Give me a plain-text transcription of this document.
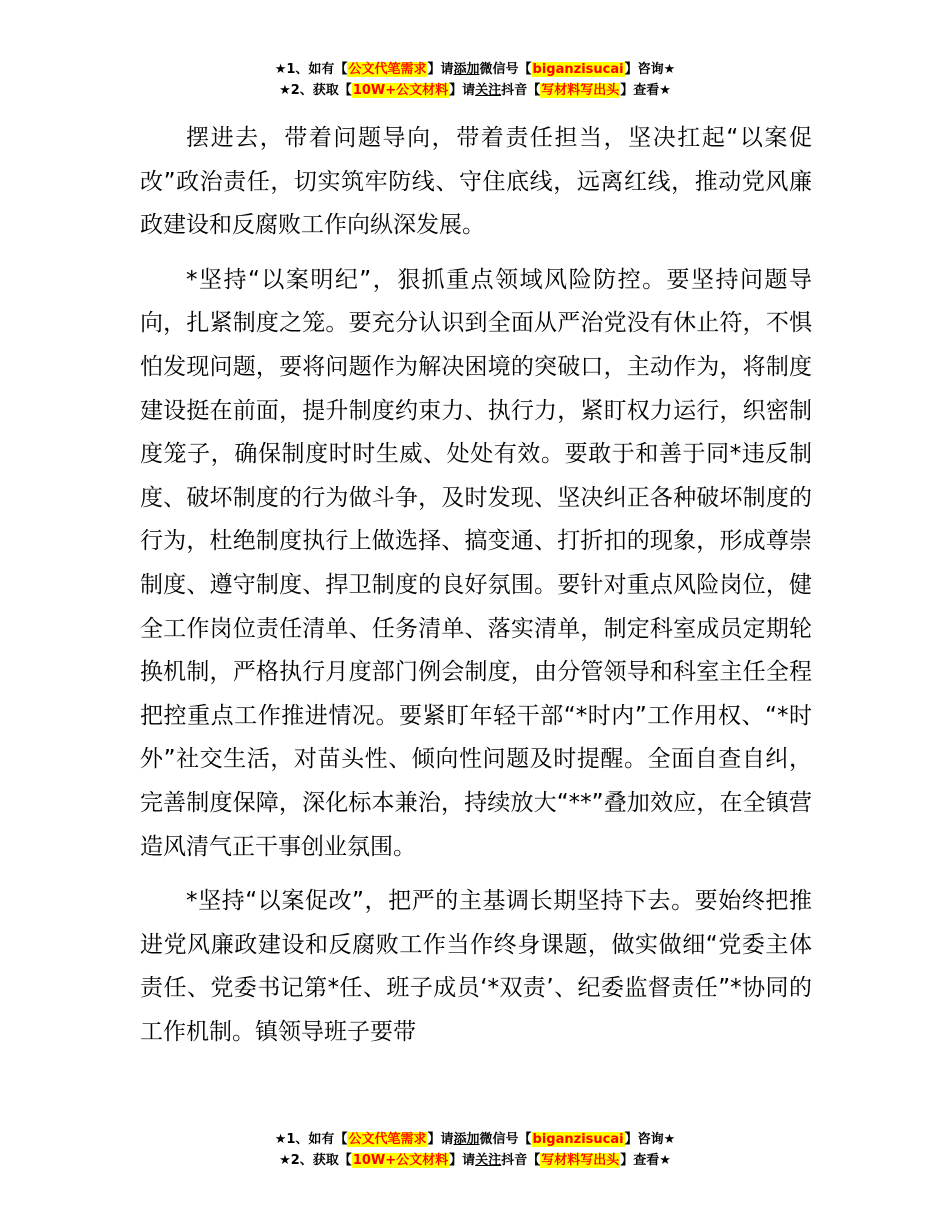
★1、如有【公文代笔需求】请添加微信号【biganzisucai】咨询★
★2、获取【10W+公文材料】请关注抖音【写材料写出头】查看★

摆进去，带着问题导向，带着责任担当，坚决扛起“以案促改”政治责任，切实筑牢防线、守住底线，远离红线，推动党风廉政建设和反腐败工作向纵深发展。

*坚持“以案明纪”，狠抓重点领域风险防控。要坚持问题导向，扎紧制度之笼。要充分认识到全面从严治党没有休止符，不惧怕发现问题，要将问题作为解决困境的突破口，主动作为，将制度建设挺在前面，提升制度约束力、执行力，紧盯权力运行，织密制度笼子，确保制度时时生威、处处有效。要敢于和善于同*违反制度、破坏制度的行为做斗争，及时发现、坚决纠正各种破坏制度的行为，杜绝制度执行上做选择、搞变通、打折扣的现象，形成尊崇制度、遵守制度、捍卫制度的良好氛围。要针对重点风险岗位，健全工作岗位责任清单、任务清单、落实清单，制定科室成员定期轮换机制，严格执行月度部门例会制度，由分管领导和科室主任全程把控重点工作推进情况。要紧盯年轻干部“*时内”工作用权、“*时外”社交生活，对苗头性、倾向性问题及时提醒。全面自查自纠，完善制度保障，深化标本兼治，持续放大“**”叠加效应，在全镇营造风清气正干事创业氛围。

*坚持“以案促改”，把严的主基调长期坚持下去。要始终把推进党风廉政建设和反腐败工作当作终身课题，做实做细“党委主体责任、党委书记第*任、班子成员‘*双责’、纪委监督责任”*协同的工作机制。镇领导班子要带

★1、如有【公文代笔需求】请添加微信号【biganzisucai】咨询★
★2、获取【10W+公文材料】请关注抖音【写材料写出头】查看★
